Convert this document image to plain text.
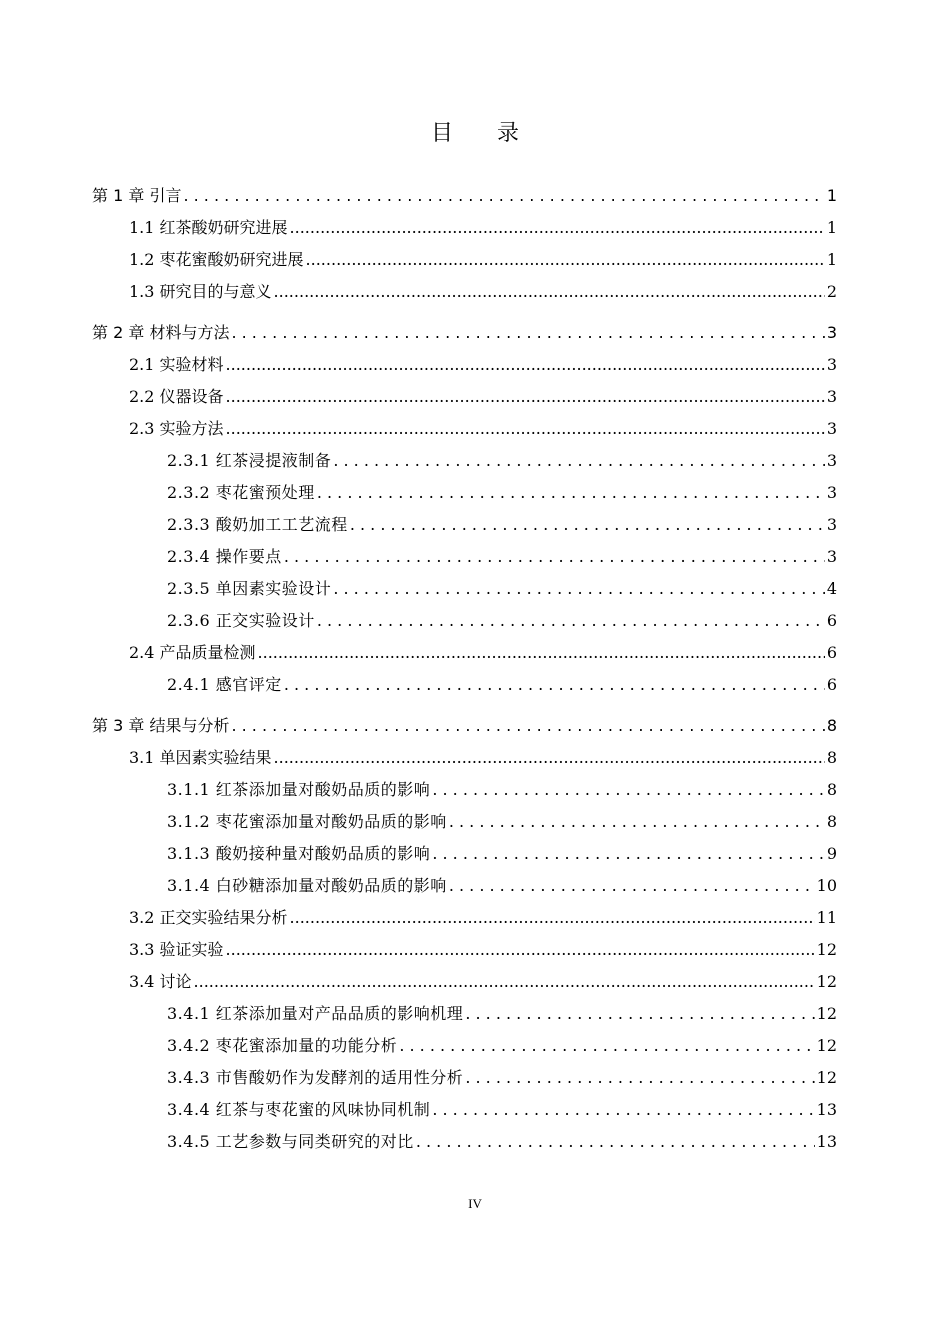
目 录
第 1 章 引言 . . .	1
1.1 红茶酸奶研究进展 .....	1
1.2 枣花蜜酸奶研究进展 .....	1
1.3 研究目的与意义 .....	2
第 2 章 材料与方法 . . .	3
2.1 实验材料 .....	3
2.2 仪器设备 .....	3
2.3 实验方法 .....	3
2.3.1 红茶浸提液制备 . . .	3
2.3.2 枣花蜜预处理 . . .	3
2.3.3 酸奶加工工艺流程 . . .	3
2.3.4 操作要点 . . .	3
2.3.5 单因素实验设计 . . .	4
2.3.6 正交实验设计 . . .	6
2.4 产品质量检测 .....	6
2.4.1 感官评定 . . .	6
第 3 章 结果与分析 . . .	8
3.1 单因素实验结果 .....	8
3.1.1 红茶添加量对酸奶品质的影响 . . .	8
3.1.2 枣花蜜添加量对酸奶品质的影响 . . .	8
3.1.3 酸奶接种量对酸奶品质的影响 . . .	9
3.1.4 白砂糖添加量对酸奶品质的影响 . . .	10
3.2 正交实验结果分析 .....	11
3.3 验证实验 .....	12
3.4 讨论 .....	12
3.4.1 红茶添加量对产品品质的影响机理 . . .	12
3.4.2 枣花蜜添加量的功能分析 . . .	12
3.4.3 市售酸奶作为发酵剂的适用性分析 . . .	12
3.4.4 红茶与枣花蜜的风味协同机制 . . .	13
3.4.5 工艺参数与同类研究的对比 . . .	13
IV
